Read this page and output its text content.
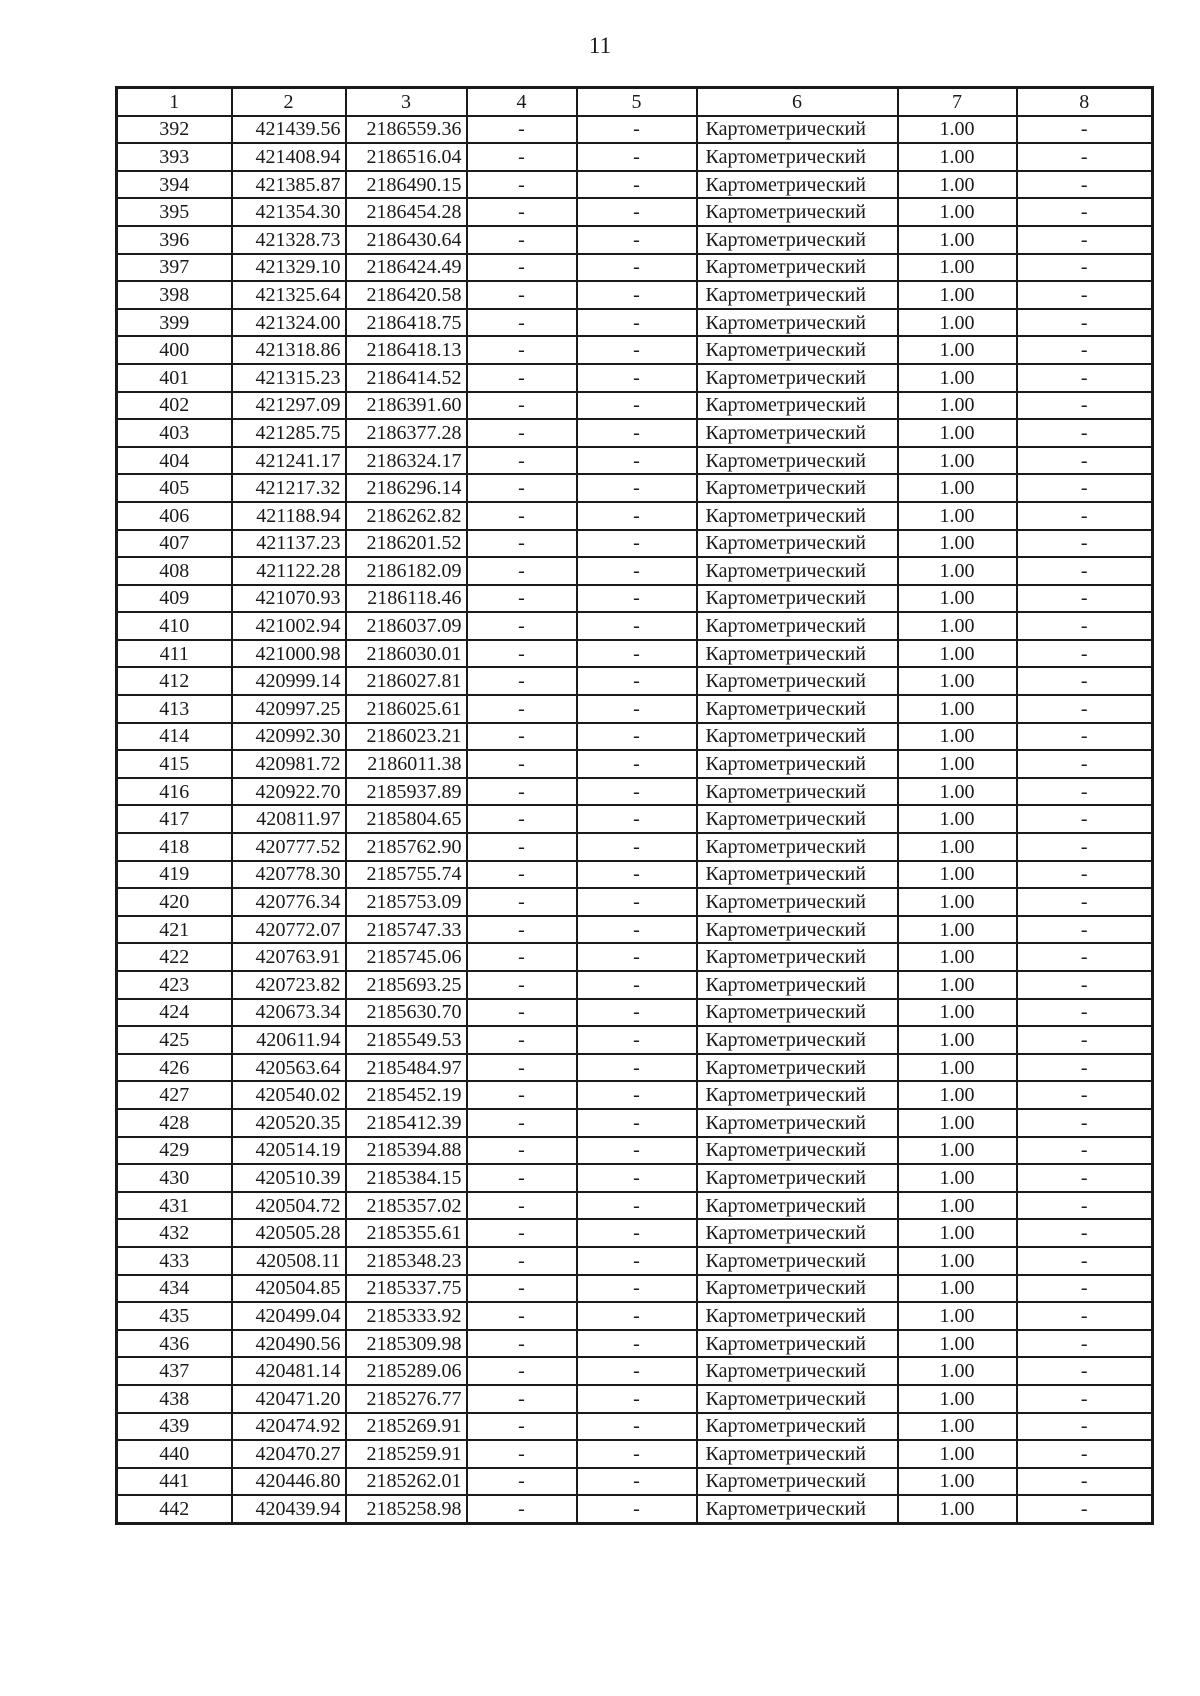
11
1	2	3	4	5	6	7	8
392	421439.56	2186559.36	-	-	Картометрический	1.00	-
393	421408.94	2186516.04	-	-	Картометрический	1.00	-
394	421385.87	2186490.15	-	-	Картометрический	1.00	-
395	421354.30	2186454.28	-	-	Картометрический	1.00	-
396	421328.73	2186430.64	-	-	Картометрический	1.00	-
397	421329.10	2186424.49	-	-	Картометрический	1.00	-
398	421325.64	2186420.58	-	-	Картометрический	1.00	-
399	421324.00	2186418.75	-	-	Картометрический	1.00	-
400	421318.86	2186418.13	-	-	Картометрический	1.00	-
401	421315.23	2186414.52	-	-	Картометрический	1.00	-
402	421297.09	2186391.60	-	-	Картометрический	1.00	-
403	421285.75	2186377.28	-	-	Картометрический	1.00	-
404	421241.17	2186324.17	-	-	Картометрический	1.00	-
405	421217.32	2186296.14	-	-	Картометрический	1.00	-
406	421188.94	2186262.82	-	-	Картометрический	1.00	-
407	421137.23	2186201.52	-	-	Картометрический	1.00	-
408	421122.28	2186182.09	-	-	Картометрический	1.00	-
409	421070.93	2186118.46	-	-	Картометрический	1.00	-
410	421002.94	2186037.09	-	-	Картометрический	1.00	-
411	421000.98	2186030.01	-	-	Картометрический	1.00	-
412	420999.14	2186027.81	-	-	Картометрический	1.00	-
413	420997.25	2186025.61	-	-	Картометрический	1.00	-
414	420992.30	2186023.21	-	-	Картометрический	1.00	-
415	420981.72	2186011.38	-	-	Картометрический	1.00	-
416	420922.70	2185937.89	-	-	Картометрический	1.00	-
417	420811.97	2185804.65	-	-	Картометрический	1.00	-
418	420777.52	2185762.90	-	-	Картометрический	1.00	-
419	420778.30	2185755.74	-	-	Картометрический	1.00	-
420	420776.34	2185753.09	-	-	Картометрический	1.00	-
421	420772.07	2185747.33	-	-	Картометрический	1.00	-
422	420763.91	2185745.06	-	-	Картометрический	1.00	-
423	420723.82	2185693.25	-	-	Картометрический	1.00	-
424	420673.34	2185630.70	-	-	Картометрический	1.00	-
425	420611.94	2185549.53	-	-	Картометрический	1.00	-
426	420563.64	2185484.97	-	-	Картометрический	1.00	-
427	420540.02	2185452.19	-	-	Картометрический	1.00	-
428	420520.35	2185412.39	-	-	Картометрический	1.00	-
429	420514.19	2185394.88	-	-	Картометрический	1.00	-
430	420510.39	2185384.15	-	-	Картометрический	1.00	-
431	420504.72	2185357.02	-	-	Картометрический	1.00	-
432	420505.28	2185355.61	-	-	Картометрический	1.00	-
433	420508.11	2185348.23	-	-	Картометрический	1.00	-
434	420504.85	2185337.75	-	-	Картометрический	1.00	-
435	420499.04	2185333.92	-	-	Картометрический	1.00	-
436	420490.56	2185309.98	-	-	Картометрический	1.00	-
437	420481.14	2185289.06	-	-	Картометрический	1.00	-
438	420471.20	2185276.77	-	-	Картометрический	1.00	-
439	420474.92	2185269.91	-	-	Картометрический	1.00	-
440	420470.27	2185259.91	-	-	Картометрический	1.00	-
441	420446.80	2185262.01	-	-	Картометрический	1.00	-
442	420439.94	2185258.98	-	-	Картометрический	1.00	-
